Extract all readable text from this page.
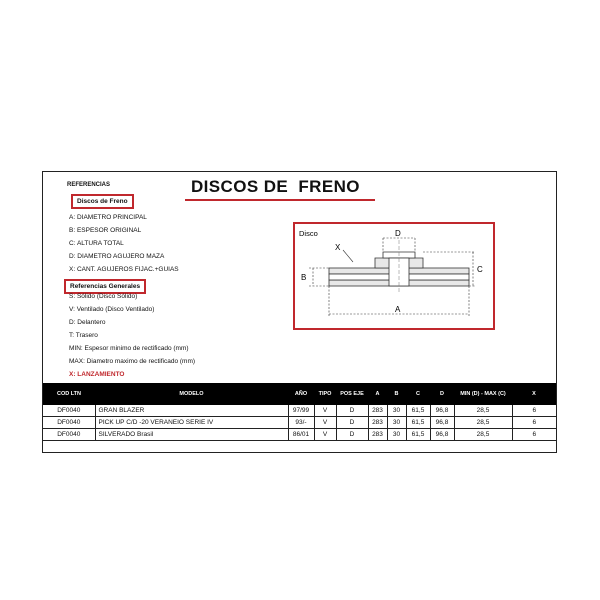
REFERENCIAS	DISCOS DE  FRENO
Discos de Freno
A: DIAMETRO PRINCIPAL
B: ESPESOR ORIGINAL
C: ALTURA TOTAL
D: DIAMETRO AGUJERO MAZA
X: CANT. AGUJEROS FIJAC.+GUIAS
Referencias Generales
S: Sólido (Disco Sólido)
V: Ventilado (Disco Ventilado)
D: Delantero
T: Trasero
MIN: Espesor minimo de rectificado (mm)
MAX: Diametro maximo de rectificado (mm)
X: LANZAMIENTO
Disco	D
X
B
C
A
COD LTN	MODELO	AÑO	TIPO	POS EJE	A	B	C	D	MIN (D) - MAX (C)	X
DF0040	GRAN BLAZER	97/99	V	D	283	30	61,5	96,8	28,5	6
DF0040	PICK UP C/D -20 VERANEIO SERIE IV	93/-	V	D	283	30	61,5	96,8	28,5	6
DF0040	SILVERADO Brasil	86/01	V	D	283	30	61,5	96,8	28,5	6
